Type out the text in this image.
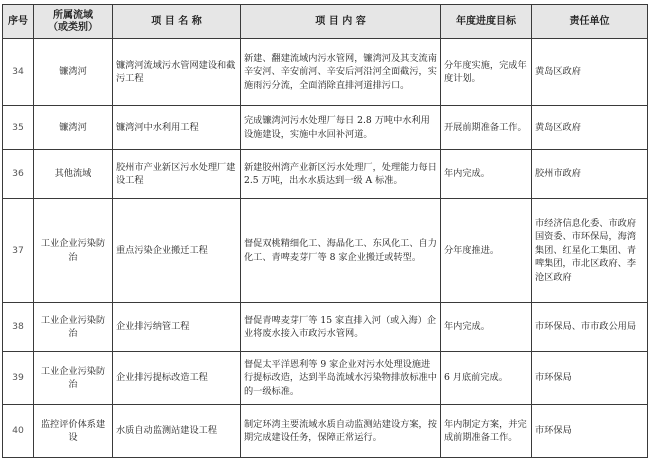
序号	所属流域（或类别）	项 目 名 称	项 目 内 容	年度进度目标	责任单位
34	镰湾河	镰湾河流域污水管网建设和截污工程	新建、翻建流域内污水管网，镰湾河及其支流南辛安河、辛安前河、辛安后河沿河全面截污，实施雨污分流，全面消除直排河道排污口。	分年度实施，完成年度计划。	黄岛区政府
35	镰湾河	镰湾河中水利用工程	完成镰湾河污水处理厂每日 2.8 万吨中水利用设施建设，实施中水回补河道。	开展前期准备工作。	黄岛区政府
36	其他流域	胶州市产业新区污水处理厂建设工程	新建胶州湾产业新区污水处理厂，处理能力每日 2.5 万吨，出水水质达到一级 A 标准。	年内完成。	胶州市政府
37	工业企业污染防治	重点污染企业搬迁工程	督促双桃精细化工、海晶化工、东风化工、自力化工、青啤麦芽厂等 8 家企业搬迁或转型。	分年度推进。	市经济信息化委、市政府国资委、市环保局，海湾集团、红星化工集团、青啤集团，市北区政府、李沧区政府
38	工业企业污染防治	企业排污纳管工程	督促青啤麦芽厂等 15 家直排入河（或入海）企业将废水接入市政污水管网。	年内完成。	市环保局、市市政公用局
39	工业企业污染防治	企业排污提标改造工程	督促太平洋恩利等 9 家企业对污水处理设施进行提标改造，达到半岛流域水污染物排放标准中的一级标准。	6 月底前完成。	市环保局
40	监控评价体系建设	水质自动监测站建设工程	制定环湾主要流域水质自动监测站建设方案，按期完成建设任务，保障正常运行。	年内制定方案，并完成前期准备工作。	市环保局
